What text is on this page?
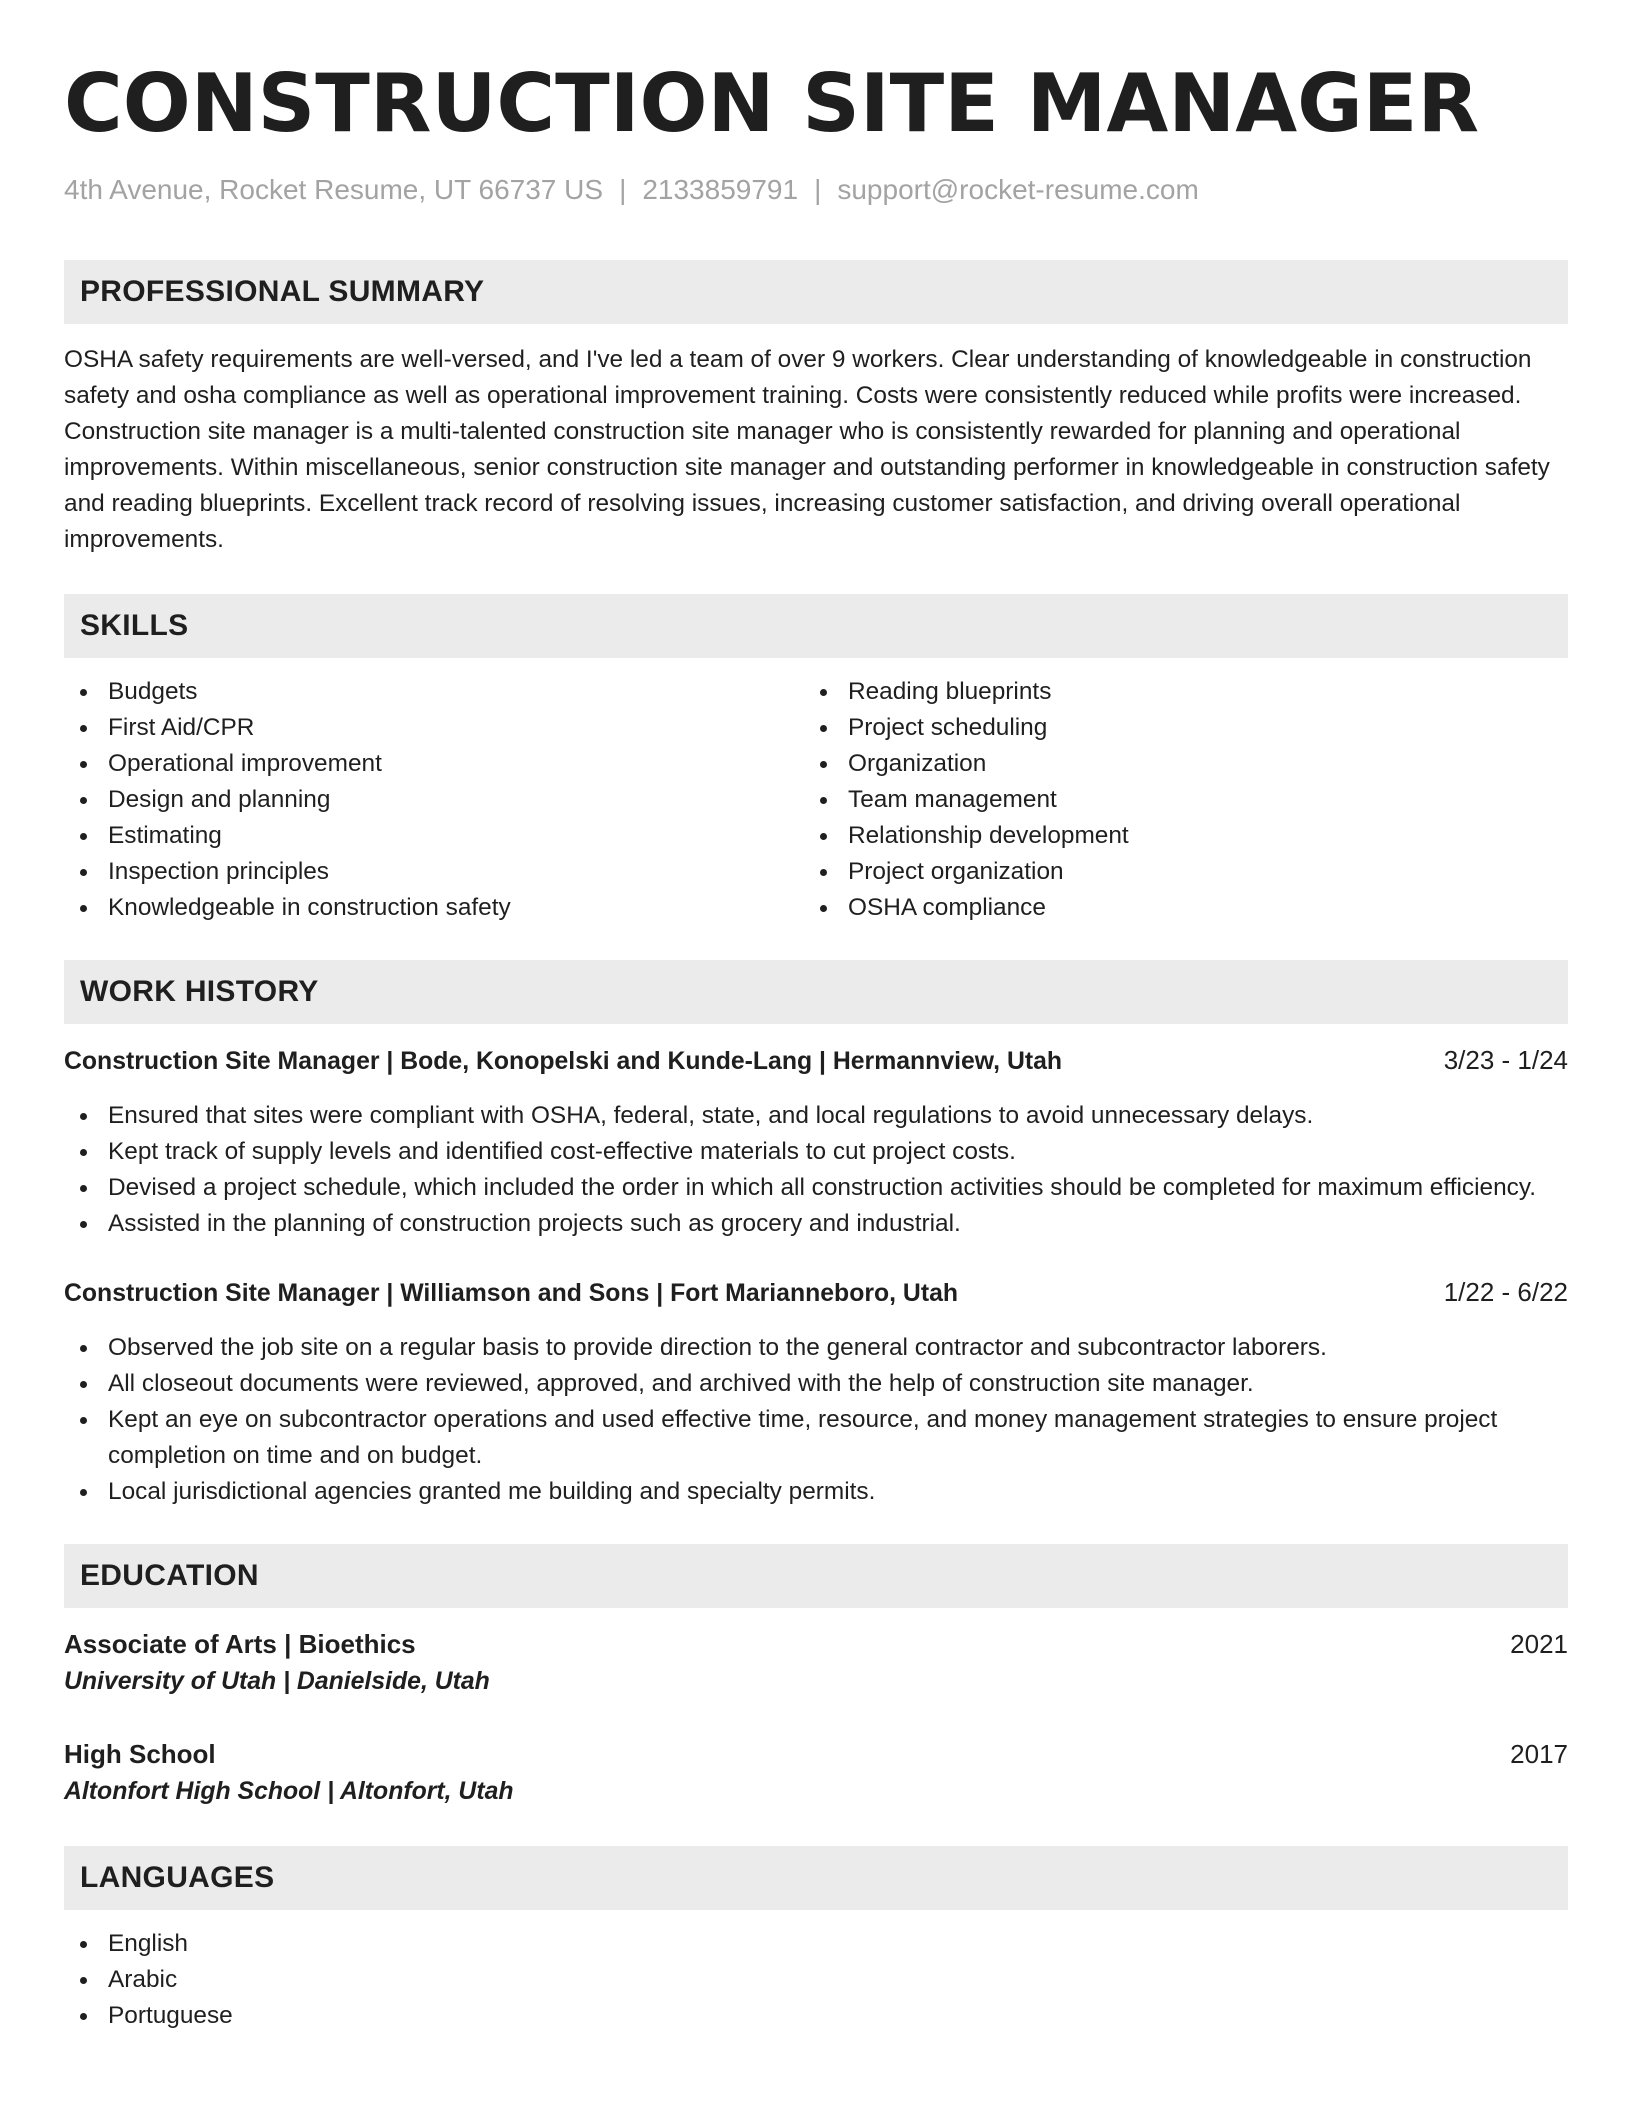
CONSTRUCTION SITE MANAGER
4th Avenue, Rocket Resume, UT 66737 US | 2133859791 | support@rocket-resume.com
PROFESSIONAL SUMMARY
OSHA safety requirements are well-versed, and I've led a team of over 9 workers. Clear understanding of knowledgeable in construction safety and osha compliance as well as operational improvement training. Costs were consistently reduced while profits were increased. Construction site manager is a multi-talented construction site manager who is consistently rewarded for planning and operational improvements. Within miscellaneous, senior construction site manager and outstanding performer in knowledgeable in construction safety and reading blueprints. Excellent track record of resolving issues, increasing customer satisfaction, and driving overall operational improvements.
SKILLS
Budgets
First Aid/CPR
Operational improvement
Design and planning
Estimating
Inspection principles
Knowledgeable in construction safety
Reading blueprints
Project scheduling
Organization
Team management
Relationship development
Project organization
OSHA compliance
WORK HISTORY
Construction Site Manager | Bode, Konopelski and Kunde-Lang | Hermannview, Utah	3/23 - 1/24
Ensured that sites were compliant with OSHA, federal, state, and local regulations to avoid unnecessary delays.
Kept track of supply levels and identified cost-effective materials to cut project costs.
Devised a project schedule, which included the order in which all construction activities should be completed for maximum efficiency.
Assisted in the planning of construction projects such as grocery and industrial.
Construction Site Manager | Williamson and Sons | Fort Marianneboro, Utah	1/22 - 6/22
Observed the job site on a regular basis to provide direction to the general contractor and subcontractor laborers.
All closeout documents were reviewed, approved, and archived with the help of construction site manager.
Kept an eye on subcontractor operations and used effective time, resource, and money management strategies to ensure project completion on time and on budget.
Local jurisdictional agencies granted me building and specialty permits.
EDUCATION
Associate of Arts | Bioethics	2021
University of Utah | Danielside, Utah
High School	2017
Altonfort High School | Altonfort, Utah
LANGUAGES
English
Arabic
Portuguese
